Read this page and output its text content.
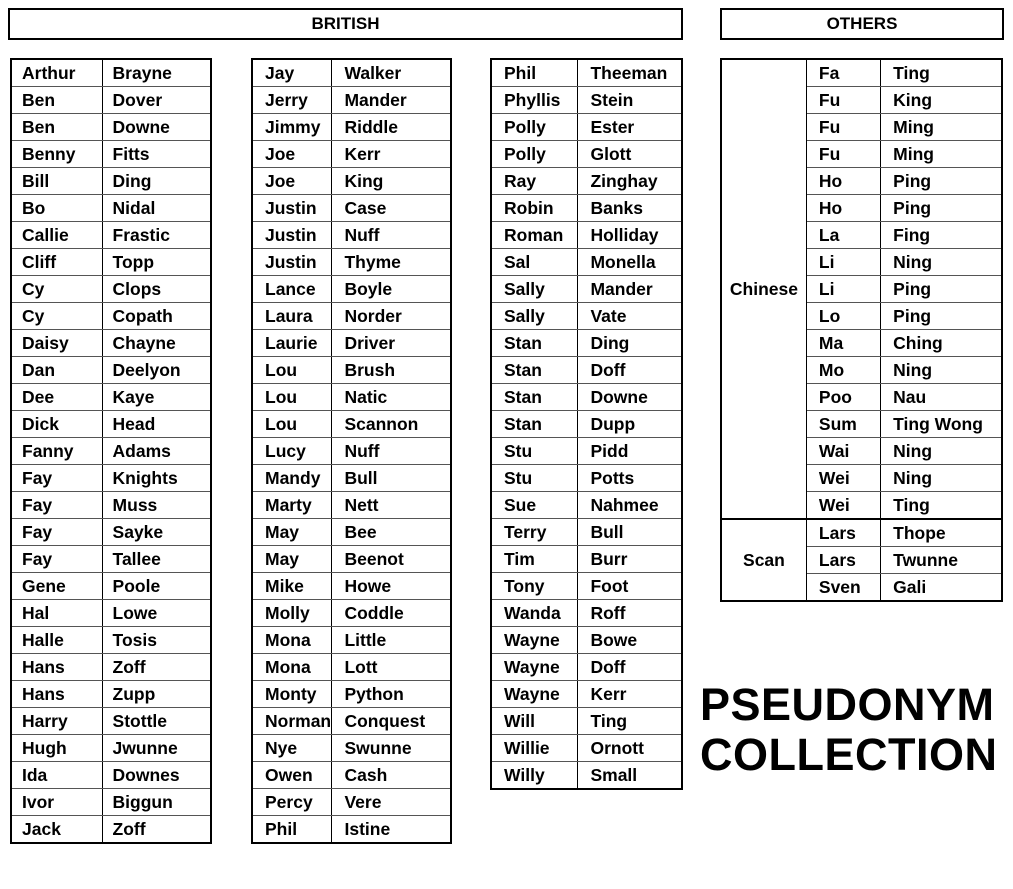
BRITISH	OTHERS
Arthur	Brayne
Ben	Dover
Ben	Downe
Benny	Fitts
Bill	Ding
Bo	Nidal
Callie	Frastic
Cliff	Topp
Cy	Clops
Cy	Copath
Daisy	Chayne
Dan	Deelyon
Dee	Kaye
Dick	Head
Fanny	Adams
Fay	Knights
Fay	Muss
Fay	Sayke
Fay	Tallee
Gene	Poole
Hal	Lowe
Halle	Tosis
Hans	Zoff
Hans	Zupp
Harry	Stottle
Hugh	Jwunne
Ida	Downes
Ivor	Biggun
Jack	Zoff
Jay	Walker
Jerry	Mander
Jimmy	Riddle
Joe	Kerr
Joe	King
Justin	Case
Justin	Nuff
Justin	Thyme
Lance	Boyle
Laura	Norder
Laurie	Driver
Lou	Brush
Lou	Natic
Lou	Scannon
Lucy	Nuff
Mandy	Bull
Marty	Nett
May	Bee
May	Beenot
Mike	Howe
Molly	Coddle
Mona	Little
Mona	Lott
Monty	Python
Norman	Conquest
Nye	Swunne
Owen	Cash
Percy	Vere
Phil	Istine
Phil	Theeman
Phyllis	Stein
Polly	Ester
Polly	Glott
Ray	Zinghay
Robin	Banks
Roman	Holliday
Sal	Monella
Sally	Mander
Sally	Vate
Stan	Ding
Stan	Doff
Stan	Downe
Stan	Dupp
Stu	Pidd
Stu	Potts
Sue	Nahmee
Terry	Bull
Tim	Burr
Tony	Foot
Wanda	Roff
Wayne	Bowe
Wayne	Doff
Wayne	Kerr
Will	Ting
Willie	Ornott
Willy	Small
Chinese	Fa	Ting
	Fu	King
	Fu	Ming
	Fu	Ming
	Ho	Ping
	Ho	Ping
	La	Fing
	Li	Ning
	Li	Ping
	Lo	Ping
	Ma	Ching
	Mo	Ning
	Poo	Nau
	Sum	Ting Wong
	Wai	Ning
	Wei	Ning
	Wei	Ting
Scan	Lars	Thope
	Lars	Twunne
	Sven	Gali
PSEUDONYM
COLLECTION
